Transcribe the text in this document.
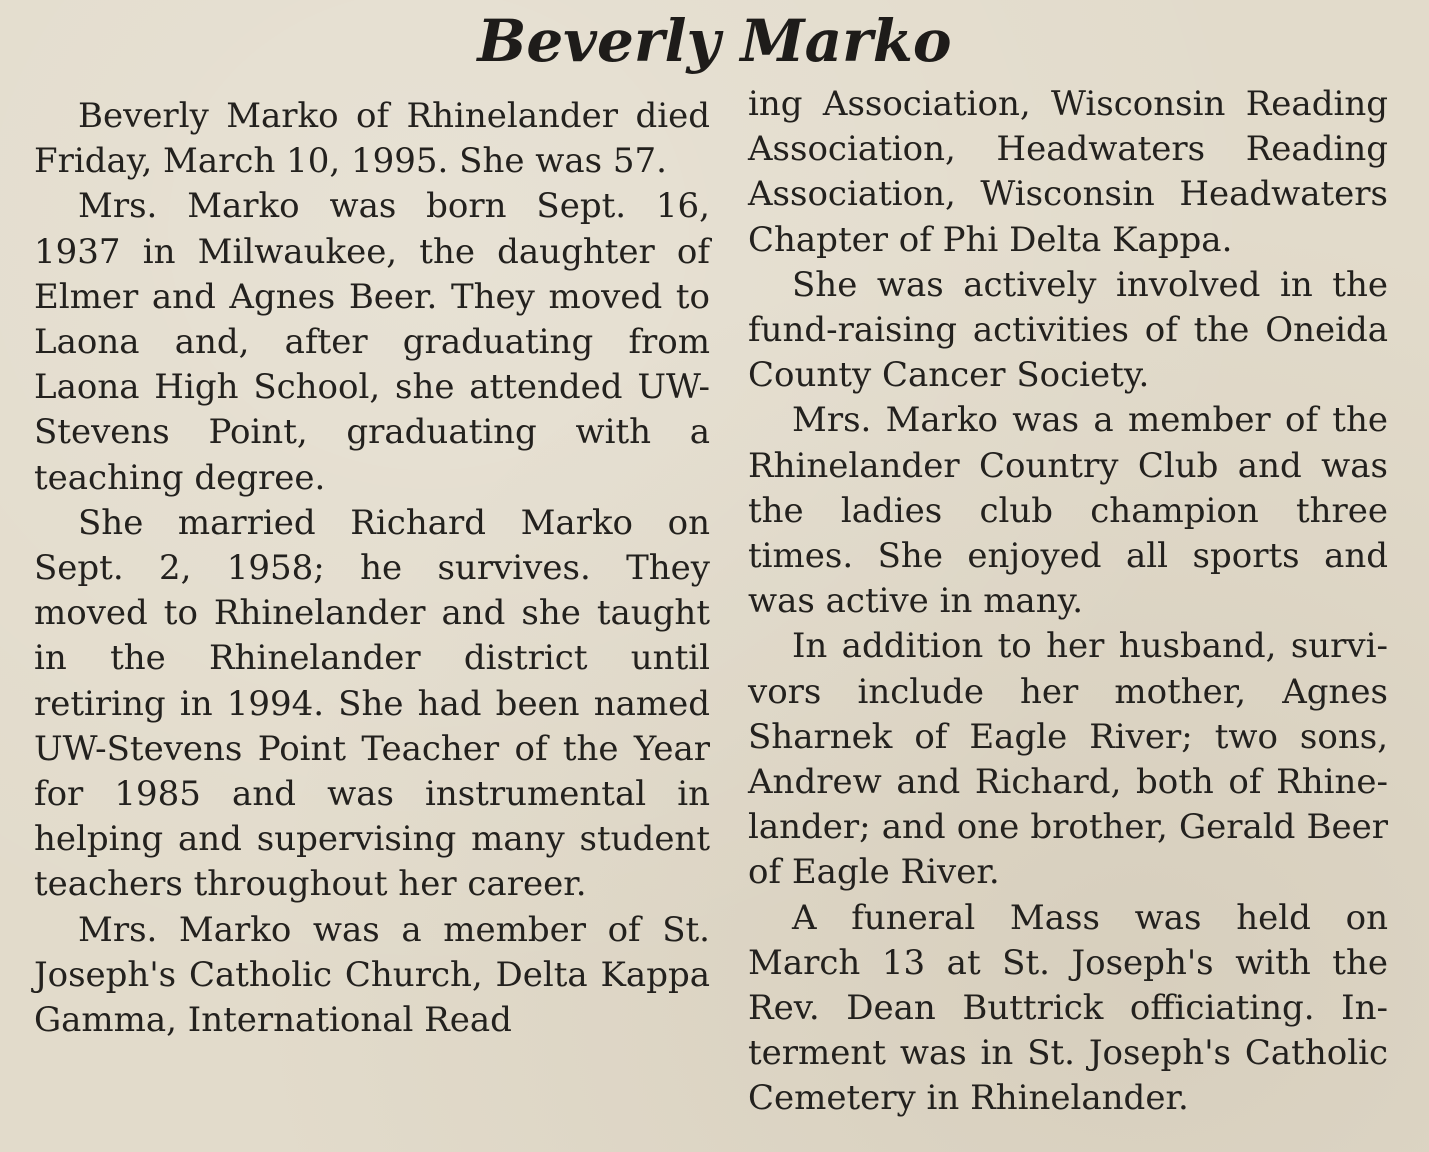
Beverly Marko

Beverly Marko of Rhinelander died Friday, March 10, 1995. She was 57.

Mrs. Marko was born Sept. 16, 1937 in Milwaukee, the daughter of Elmer and Agnes Beer. They moved to Laona and, after graduating from Laona High School, she attended UW-Stevens Point, graduating with a teaching degree.

She married Richard Marko on Sept. 2, 1958; he survives. They moved to Rhinelander and she taught in the Rhinelander district until retiring in 1994. She had been named UW-Stevens Point Teacher of the Year for 1985 and was instrumental in helping and supervising many student teachers throughout her career.

Mrs. Marko was a member of St. Joseph's Catholic Church, Delta Kappa Gamma, International Read

ing Association, Wisconsin Reading Association, Headwaters Reading Association, Wisconsin Headwaters Chapter of Phi Delta Kappa.

She was actively involved in the fund-raising activities of the Oneida County Cancer Society.

Mrs. Marko was a member of the Rhinelander Country Club and was the ladies club champion three times. She enjoyed all sports and was active in many.

In addition to her husband, survivors include her mother, Agnes Sharnek of Eagle River; two sons, Andrew and Richard, both of Rhinelander; and one brother, Gerald Beer of Eagle River.

A funeral Mass was held on March 13 at St. Joseph's with the Rev. Dean Buttrick officiating. Interment was in St. Joseph's Catholic Cemetery in Rhinelander.
